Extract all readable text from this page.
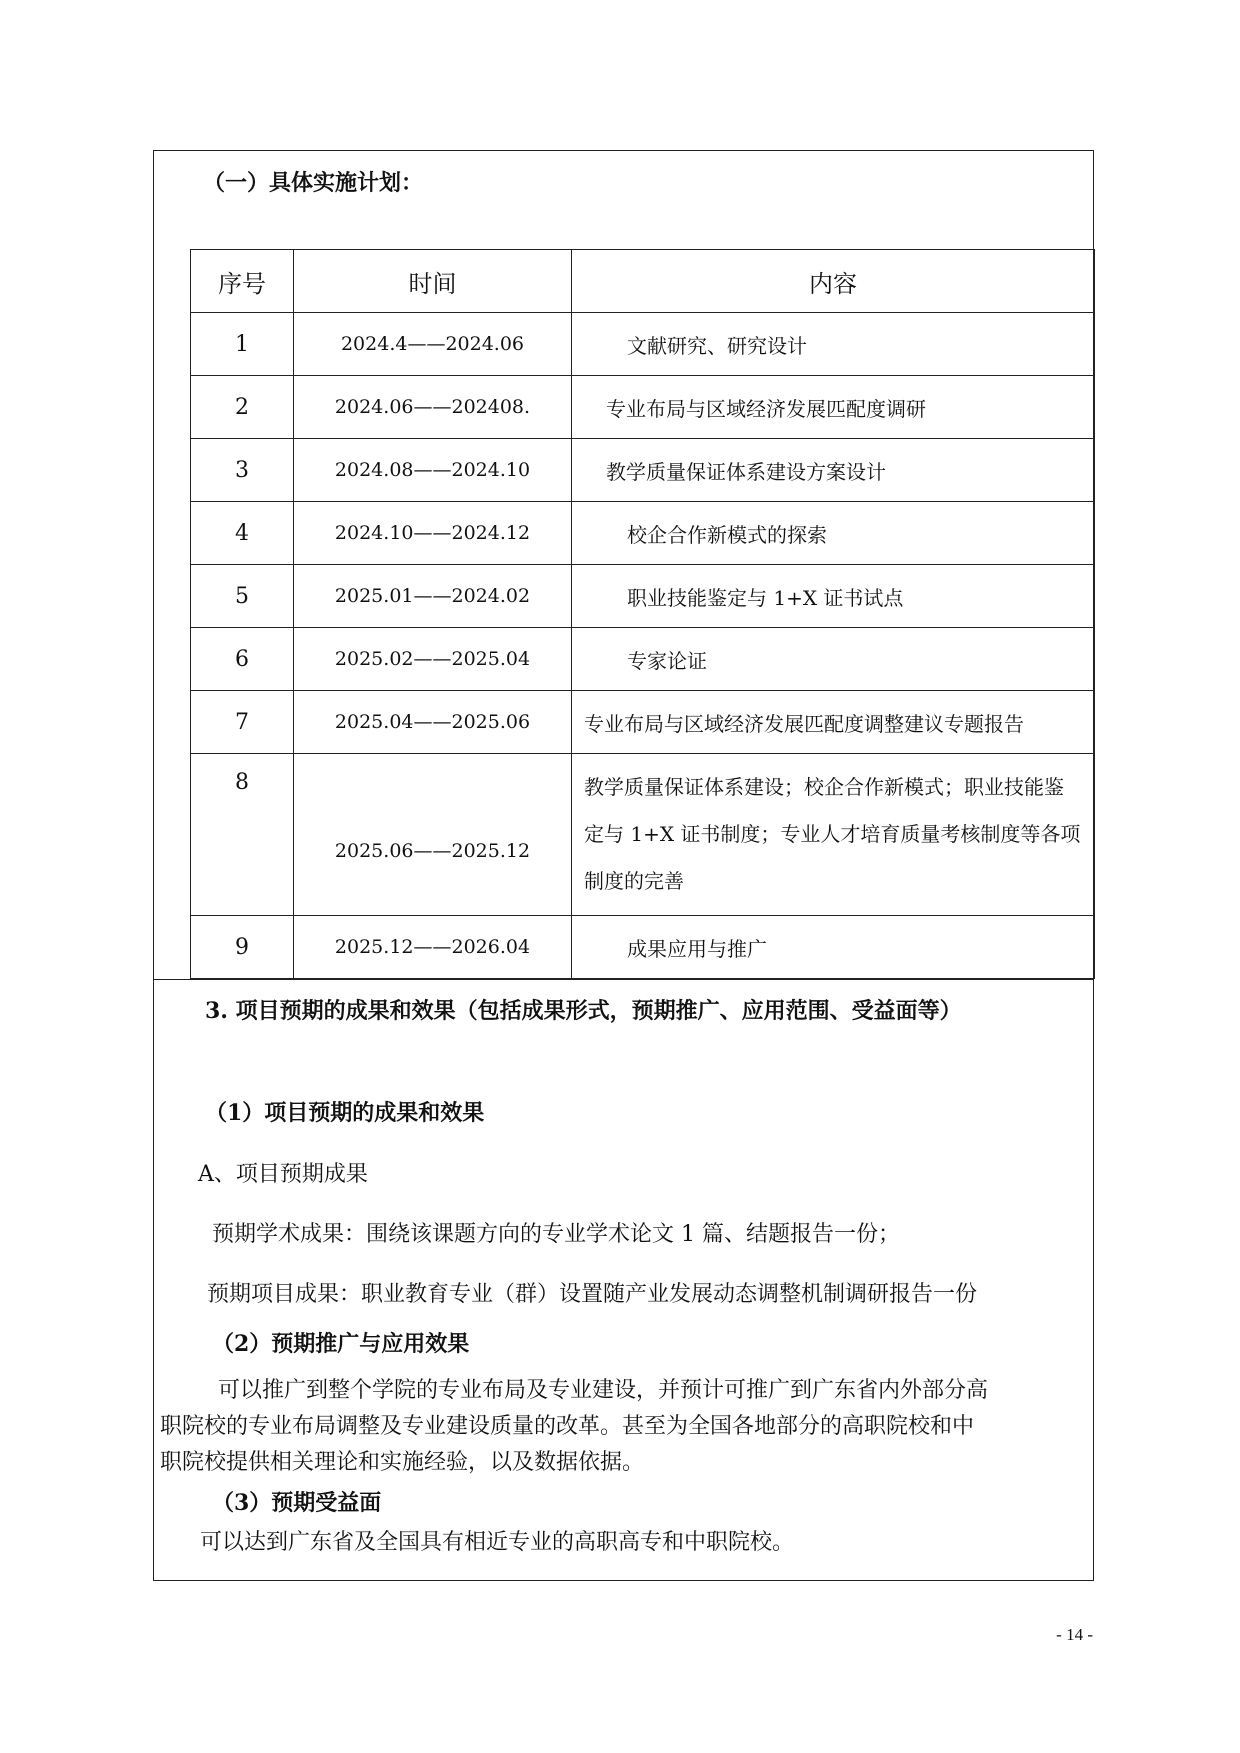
（一）具体实施计划：
序号	时间	内容
1	2024.4——2024.06	文献研究、研究设计
2	2024.06——202408.	专业布局与区域经济发展匹配度调研
3	2024.08——2024.10	教学质量保证体系建设方案设计
4	2024.10——2024.12	校企合作新模式的探索
5	2025.01——2024.02	职业技能鉴定与 1+X 证书试点
6	2025.02——2025.04	专家论证
7	2025.04——2025.06	专业布局与区域经济发展匹配度调整建议专题报告
8	2025.06——2025.12	教学质量保证体系建设；校企合作新模式；职业技能鉴
定与 1+X 证书制度；专业人才培育质量考核制度等各项
制度的完善

9	2025.12——2026.04	成果应用与推广
3. 项目预期的成果和效果（包括成果形式，预期推广、应用范围、受益面等）
（1）项目预期的成果和效果
A、项目预期成果
预期学术成果：围绕该课题方向的专业学术论文 1 篇、结题报告一份；
预期项目成果：职业教育专业（群）设置随产业发展动态调整机制调研报告一份
（2）预期推广与应用效果
可以推广到整个学院的专业布局及专业建设，并预计可推广到广东省内外部分高
职院校的专业布局调整及专业建设质量的改革。甚至为全国各地部分的高职院校和中
职院校提供相关理论和实施经验，以及数据依据。
（3）预期受益面
可以达到广东省及全国具有相近专业的高职高专和中职院校。
- 14 -
